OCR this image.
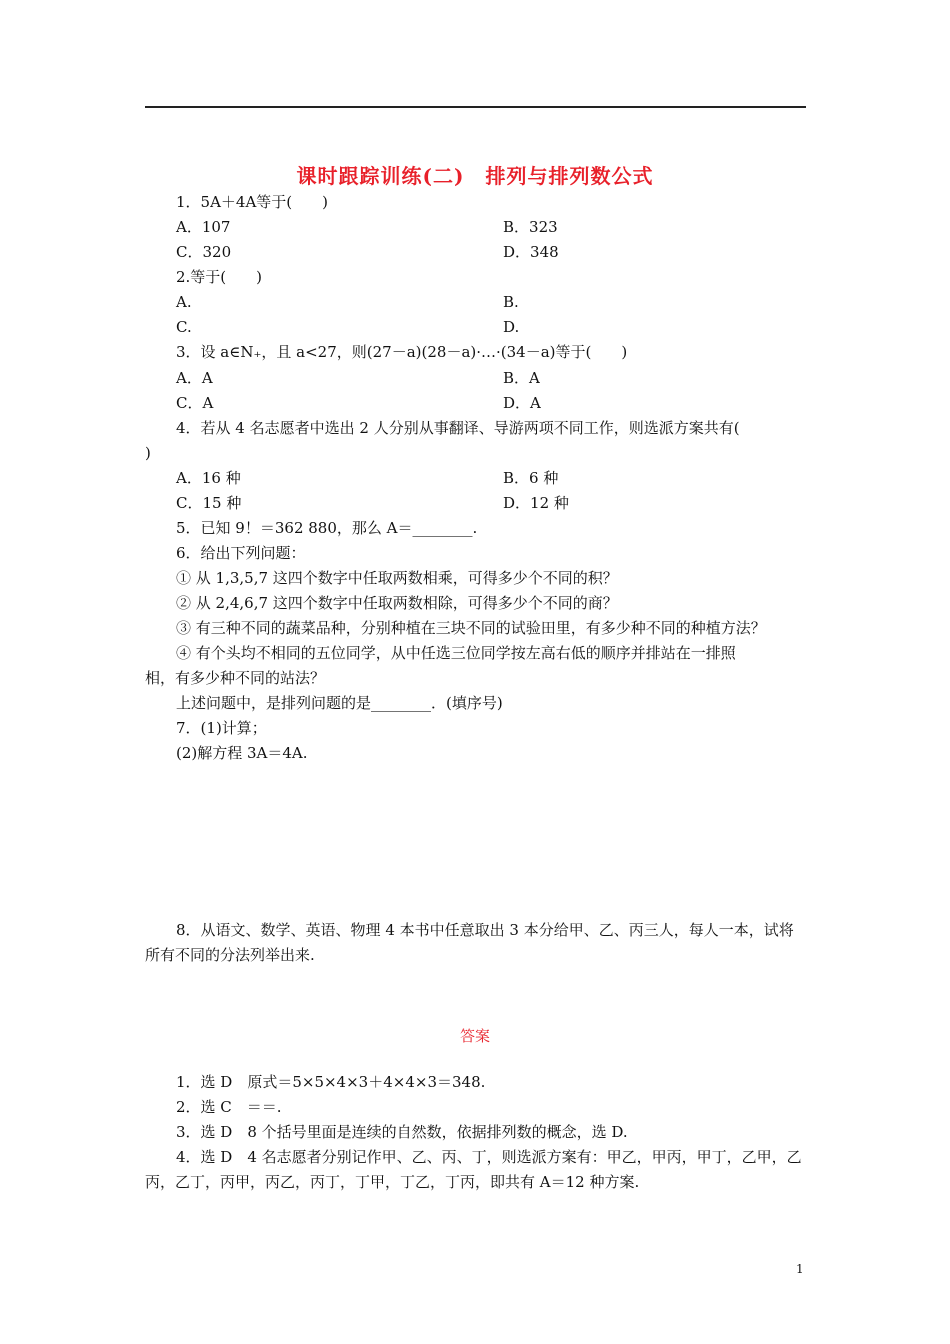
课时跟踪训练(二)　排列与排列数公式
1．5A＋4A等于(　　)
A．107	B．323
C．320	D．348
2.等于(　　)
A.	B.
C.	D.
3．设 a∈N₊，且 a<27，则(27－a)(28－a)·…·(34－a)等于(　　)
A．A	B．A
C．A	D．A
4．若从 4 名志愿者中选出 2 人分别从事翻译、导游两项不同工作，则选派方案共有(
)
A．16 种	B．6 种
C．15 种	D．12 种
5．已知 9！＝362 880，那么 A＝________.
6．给出下列问题：
① 从 1,3,5,7 这四个数字中任取两数相乘，可得多少个不同的积？
② 从 2,4,6,7 这四个数字中任取两数相除，可得多少个不同的商？
③ 有三种不同的蔬菜品种，分别种植在三块不同的试验田里，有多少种不同的种植方法？
④ 有个头均不相同的五位同学，从中任选三位同学按左高右低的顺序并排站在一排照
相，有多少种不同的站法？
上述问题中，是排列问题的是________．(填序号)
7．(1)计算；
(2)解方程 3A＝4A.
8．从语文、数学、英语、物理 4 本书中任意取出 3 本分给甲、乙、丙三人，每人一本，试将
所有不同的分法列举出来.
答案
1．选 D　原式＝5×5×4×3＋4×4×3＝348.
2．选 C　＝＝.
3．选 D　8 个括号里面是连续的自然数，依据排列数的概念，选 D.
4．选 D　4 名志愿者分别记作甲、乙、丙、丁，则选派方案有：甲乙，甲丙，甲丁，乙甲，乙
丙，乙丁，丙甲，丙乙，丙丁，丁甲，丁乙，丁丙，即共有 A＝12 种方案.
1
